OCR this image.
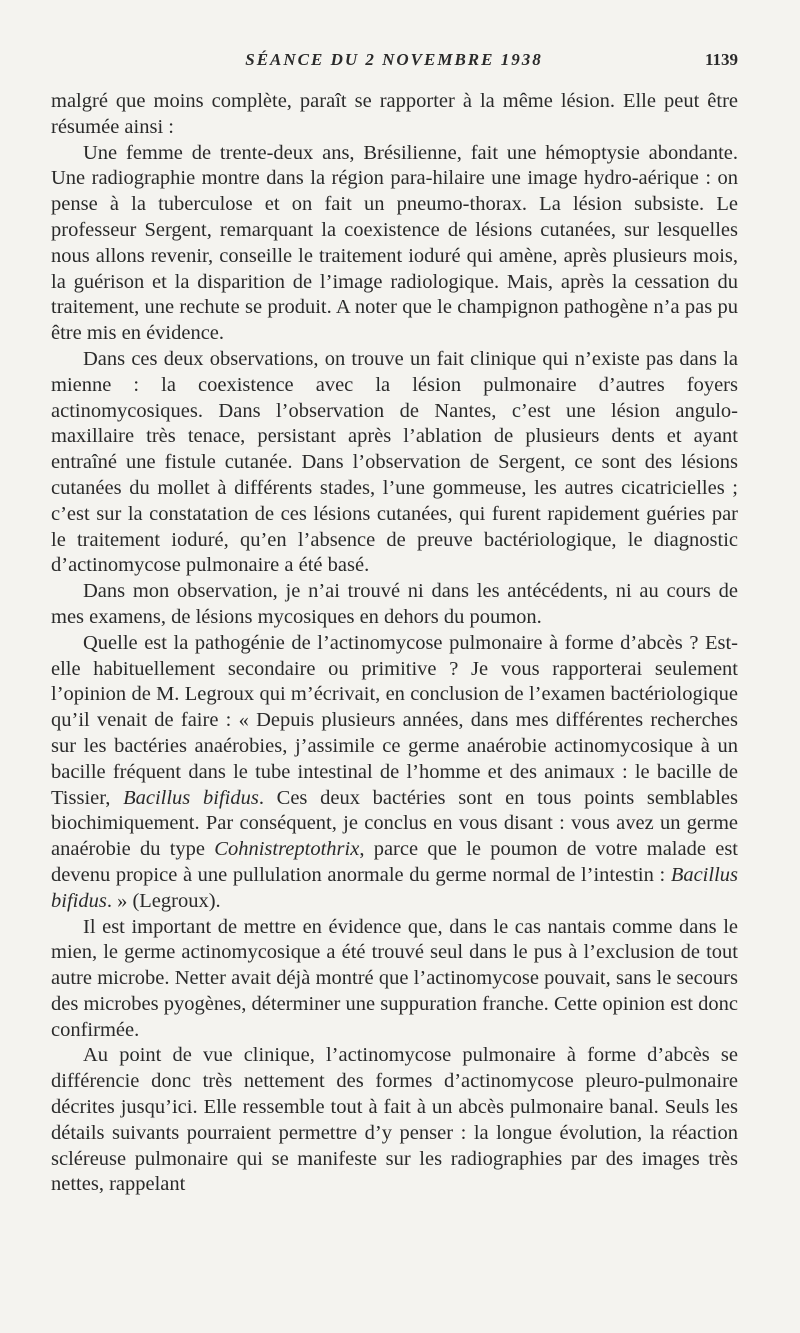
SÉANCE DU 2 NOVEMBRE 1938	1139

malgré que moins complète, paraît se rapporter à la même lésion. Elle peut être résumée ainsi :

Une femme de trente-deux ans, Brésilienne, fait une hémoptysie abondante. Une radiographie montre dans la région para-hilaire une image hydro-aérique : on pense à la tuberculose et on fait un pneumo-thorax. La lésion subsiste. Le professeur Sergent, remarquant la coexistence de lésions cutanées, sur lesquelles nous allons revenir, conseille le traitement ioduré qui amène, après plusieurs mois, la guérison et la disparition de l’image radiologique. Mais, après la cessation du traitement, une rechute se produit. A noter que le champignon pathogène n’a pas pu être mis en évidence.

Dans ces deux observations, on trouve un fait clinique qui n’existe pas dans la mienne : la coexistence avec la lésion pulmonaire d’autres foyers actinomycosiques. Dans l’observation de Nantes, c’est une lésion angulo-maxillaire très tenace, persistant après l’ablation de plusieurs dents et ayant entraîné une fistule cutanée. Dans l’observation de Sergent, ce sont des lésions cutanées du mollet à différents stades, l’une gommeuse, les autres cicatricielles ; c’est sur la constatation de ces lésions cutanées, qui furent rapidement guéries par le traitement ioduré, qu’en l’absence de preuve bactériologique, le diagnostic d’actinomycose pulmonaire a été basé.

Dans mon observation, je n’ai trouvé ni dans les antécédents, ni au cours de mes examens, de lésions mycosiques en dehors du poumon.

Quelle est la pathogénie de l’actinomycose pulmonaire à forme d’abcès ? Est-elle habituellement secondaire ou primitive ? Je vous rapporterai seulement l’opinion de M. Legroux qui m’écrivait, en conclusion de l’examen bactériologique qu’il venait de faire : « Depuis plusieurs années, dans mes différentes recherches sur les bactéries anaérobies, j’assimile ce germe anaérobie actinomycosique à un bacille fréquent dans le tube intestinal de l’homme et des animaux : le bacille de Tissier, Bacillus bifidus. Ces deux bactéries sont en tous points semblables biochimiquement. Par conséquent, je conclus en vous disant : vous avez un germe anaérobie du type Cohnistreptothrix, parce que le poumon de votre malade est devenu propice à une pullulation anormale du germe normal de l’intestin : Bacillus bifidus. » (Legroux).

Il est important de mettre en évidence que, dans le cas nantais comme dans le mien, le germe actinomycosique a été trouvé seul dans le pus à l’exclusion de tout autre microbe. Netter avait déjà montré que l’actinomycose pouvait, sans le secours des microbes pyogènes, déterminer une suppuration franche. Cette opinion est donc confirmée.

Au point de vue clinique, l’actinomycose pulmonaire à forme d’abcès se différencie donc très nettement des formes d’actinomycose pleuro-pulmonaire décrites jusqu’ici. Elle ressemble tout à fait à un abcès pulmonaire banal. Seuls les détails suivants pourraient permettre d’y penser : la longue évolution, la réaction scléreuse pulmonaire qui se manifeste sur les radiographies par des images très nettes, rappelant
